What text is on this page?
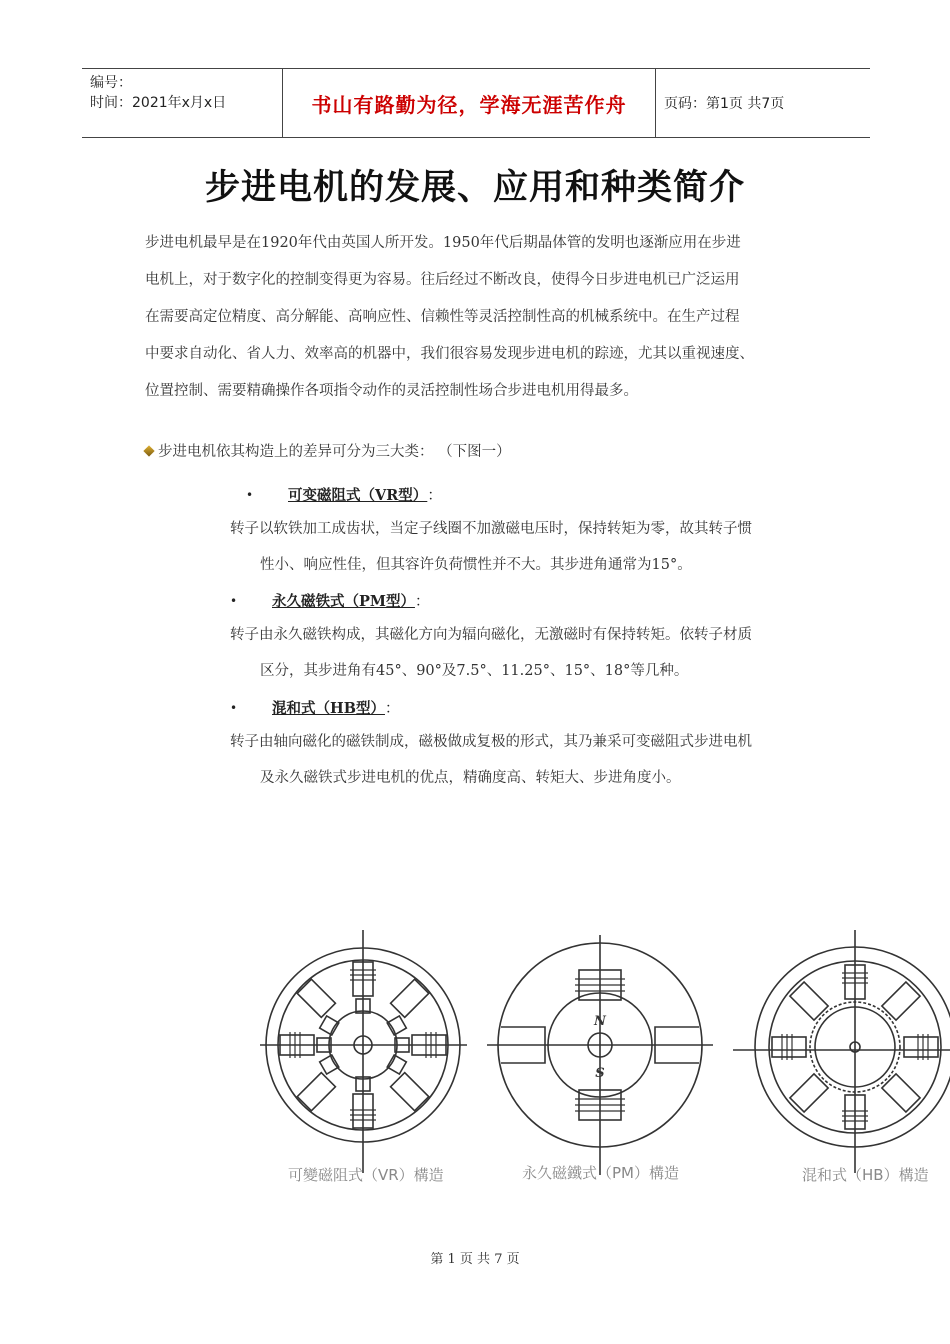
编号：
时间：2021年x月x日	书山有路勤为径，学海无涯苦作舟	页码：第1页 共7页
步进电机的发展、应用和种类简介
步进电机最早是在1920年代由英国人所开发。1950年代后期晶体管的发明也逐渐应用在步进
电机上，对于数字化的控制变得更为容易。往后经过不断改良，使得今日步进电机已广泛运用
在需要高定位精度、高分解能、高响应性、信赖性等灵活控制性高的机械系统中。在生产过程
中要求自动化、省人力、效率高的机器中，我们很容易发现步进电机的踪迹，尤其以重视速度、
位置控制、需要精确操作各项指令动作的灵活控制性场合步进电机用得最多。
步进电机依其构造上的差异可分为三大类： （下图一）
• 可变磁阻式（VR型） ：
转子以软铁加工成齿状，当定子线圈不加激磁电压时，保持转矩为零，故其转子惯
性小、响应性佳，但其容许负荷惯性并不大。其步进角通常为15°。
• 永久磁铁式（PM型） ：
转子由永久磁铁构成，其磁化方向为辐向磁化，无激磁时有保持转矩。依转子材质
区分，其步进角有45°、90°及7.5°、11.25°、15°、18°等几种。
• 混和式（HB型） ：
转子由轴向磁化的磁铁制成，磁极做成复极的形式，其乃兼采可变磁阻式步进电机
及永久磁铁式步进电机的优点，精确度高、转矩大、步进角度小。
N
S
可變磁阻式（VR）構造	永久磁鐵式（PM）構造	混和式（HB）構造
第 1 页 共 7 页
